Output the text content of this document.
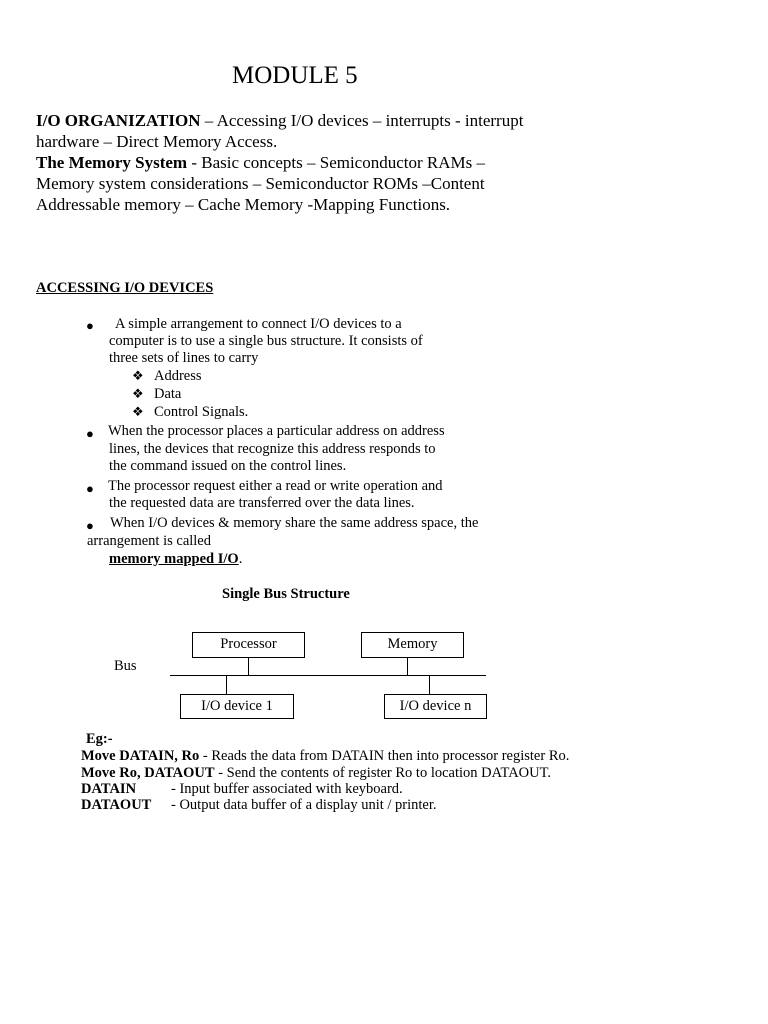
MODULE 5
I/O ORGANIZATION – Accessing I/O devices – interrupts - interrupt
hardware – Direct Memory Access.
The Memory System - Basic concepts – Semiconductor RAMs –
Memory system considerations – Semiconductor ROMs –Content
Addressable memory – Cache Memory -Mapping Functions.
ACCESSING I/O DEVICES
● A simple arrangement to connect I/O devices to a
computer is to use a single bus structure. It consists of
three sets of lines to carry
❖ Address
❖ Data
❖ Control Signals.
● When the processor places a particular address on address
lines, the devices that recognize this address responds to
the command issued on the control lines.
● The processor request either a read or write operation and
the requested data are transferred over the data lines.
● When I/O devices & memory share the same address space, the
arrangement is called
memory mapped I/O.
Single Bus Structure
Bus
Processor	Memory
I/O device 1	I/O device n
Eg:-
Move DATAIN, Ro - Reads the data from DATAIN then into processor register Ro.
Move Ro, DATAOUT - Send the contents of register Ro to location DATAOUT.
DATAIN - Input buffer associated with keyboard.
DATAOUT - Output data buffer of a display unit / printer.
